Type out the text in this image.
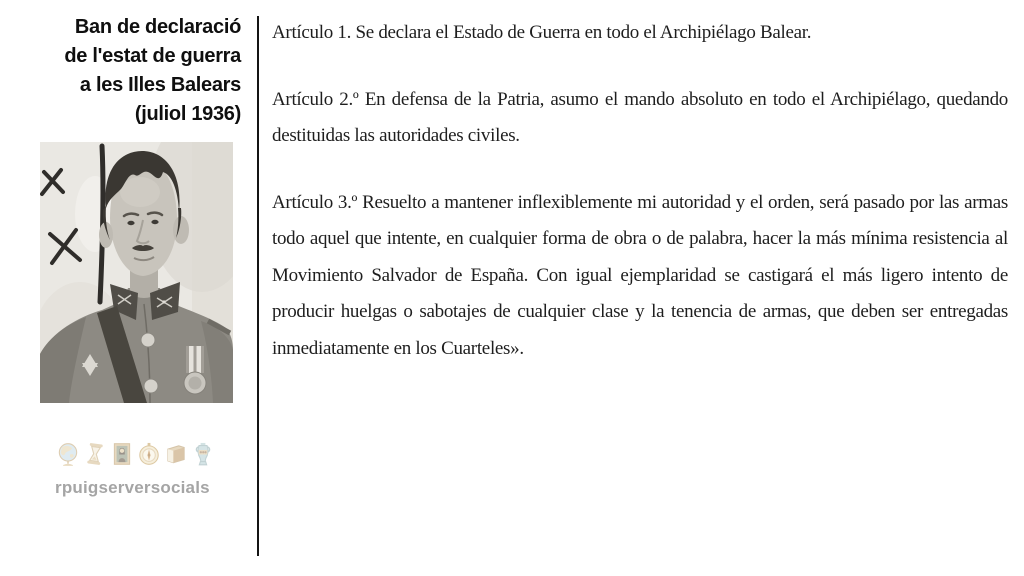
Ban de declaració
de l'estat de guerra
a les Illes Balears
(juliol 1936)
rpuigserversocials

Artículo 1. Se declara el Estado de Guerra en todo el Archipiélago Balear.

Artículo 2.º En defensa de la Patria, asumo el mando absoluto en todo el Archipiélago, quedando destituidas las autoridades civiles.

Artículo 3.º Resuelto a mantener inflexiblemente mi autoridad y el orden, será pasado por las armas todo aquel que intente, en cualquier forma de obra o de palabra, hacer la más mínima resistencia al Movimiento Salvador de España. Con igual ejemplaridad se castigará el más ligero intento de producir huelgas o sabotajes de cualquier clase y la tenencia de armas, que deben ser entregadas inmediatamente en los Cuarteles».
